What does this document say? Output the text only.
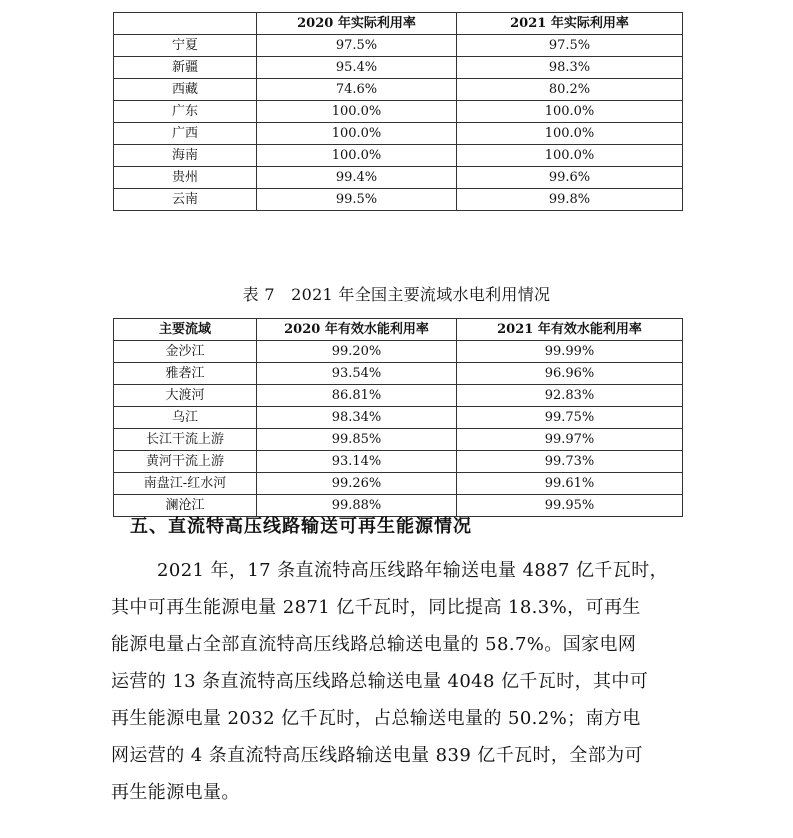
	2020 年实际利用率	2021 年实际利用率
宁夏	97.5%	97.5%
新疆	95.4%	98.3%
西藏	74.6%	80.2%
广东	100.0%	100.0%
广西	100.0%	100.0%
海南	100.0%	100.0%
贵州	99.4%	99.6%
云南	99.5%	99.8%
表 7　2021 年全国主要流域水电利用情况
主要流域	2020 年有效水能利用率	2021 年有效水能利用率
金沙江	99.20%	99.99%
雅砻江	93.54%	96.96%
大渡河	86.81%	92.83%
乌江	98.34%	99.75%
长江干流上游	99.85%	99.97%
黄河干流上游	93.14%	99.73%
南盘江-红水河	99.26%	99.61%
澜沧江	99.88%	99.95%
五、直流特高压线路输送可再生能源情况
2021 年，17 条直流特高压线路年输送电量 4887 亿千瓦时，
其中可再生能源电量 2871 亿千瓦时，同比提高 18.3%，可再生
能源电量占全部直流特高压线路总输送电量的 58.7%。国家电网
运营的 13 条直流特高压线路总输送电量 4048 亿千瓦时，其中可
再生能源电量 2032 亿千瓦时，占总输送电量的 50.2%；南方电
网运营的 4 条直流特高压线路输送电量 839 亿千瓦时，全部为可
再生能源电量。
